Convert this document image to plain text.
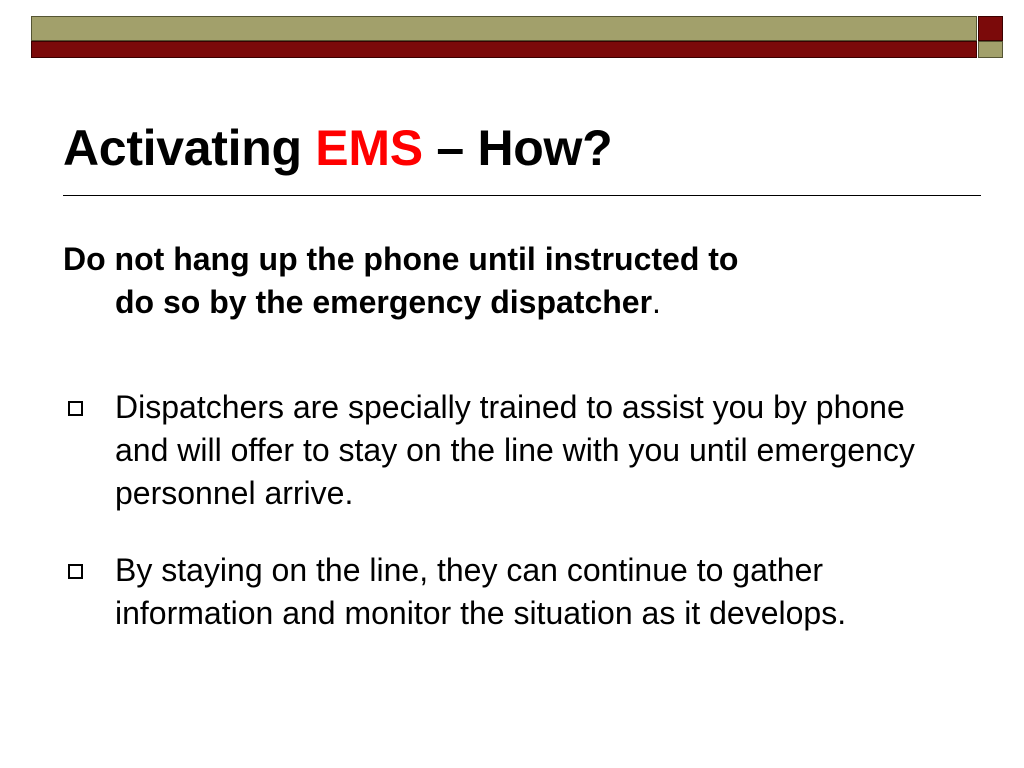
Activating EMS – How?

Do not hang up the phone until instructed to
do so by the emergency dispatcher.

Dispatchers are specially trained to assist you by phone and will offer to stay on the line with you until emergency personnel arrive.
By staying on the line, they can continue to gather information and monitor the situation as it develops.
